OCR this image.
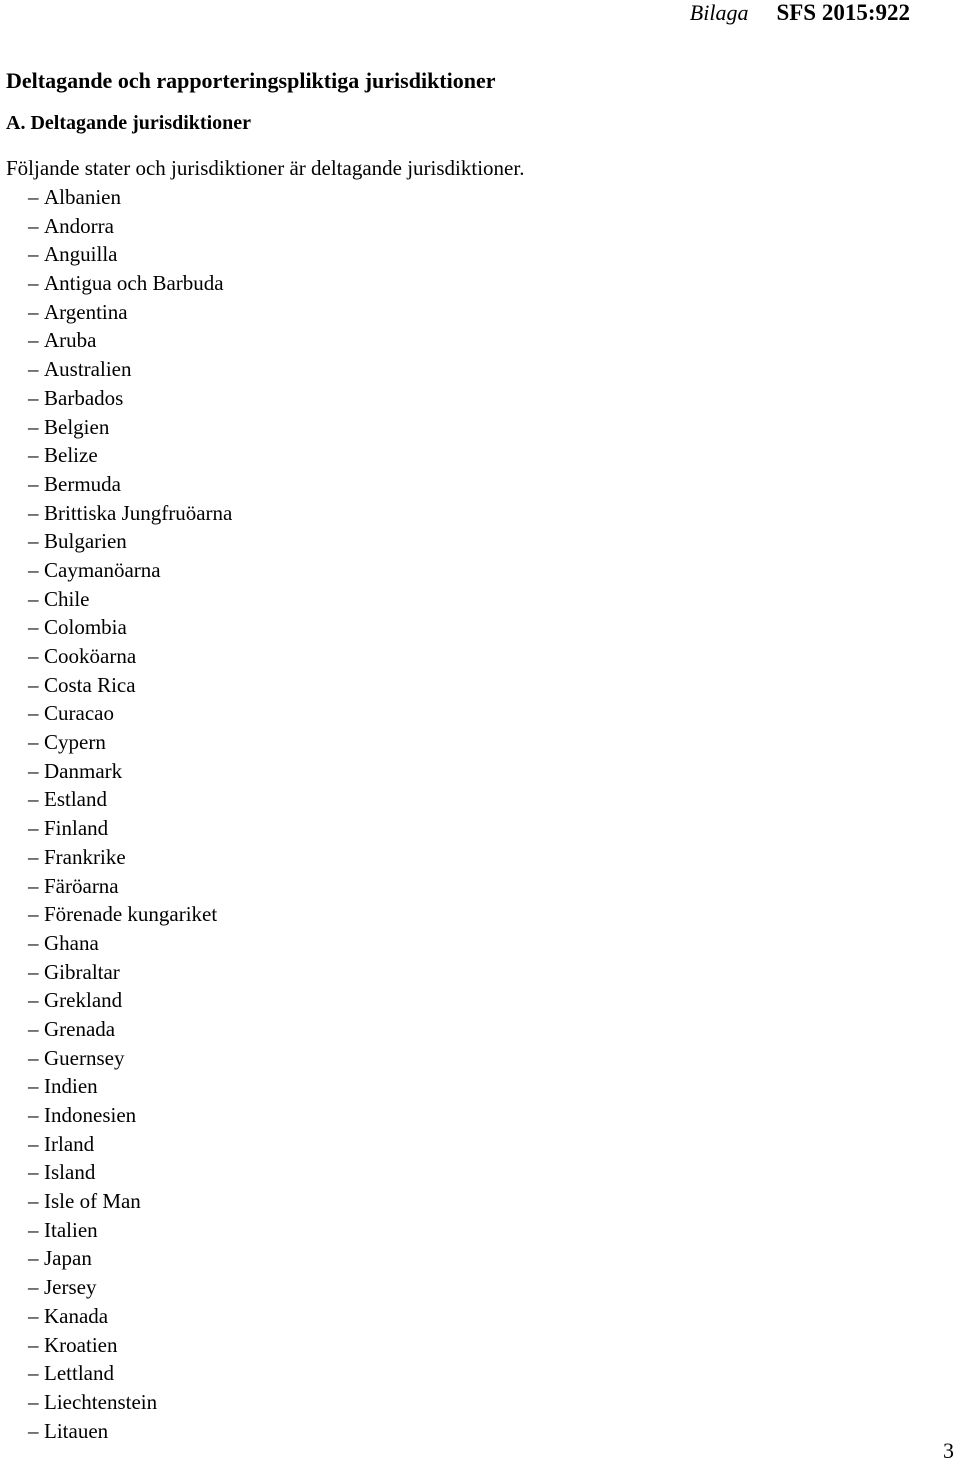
Bilaga SFS 2015:922
Deltagande och rapporteringspliktiga jurisdiktioner
A. Deltagande jurisdiktioner

Följande stater och jurisdiktioner är deltagande jurisdiktioner.

– Albanien
– Andorra
– Anguilla
– Antigua och Barbuda
– Argentina
– Aruba
– Australien
– Barbados
– Belgien
– Belize
– Bermuda
– Brittiska Jungfruöarna
– Bulgarien
– Caymanöarna
– Chile
– Colombia
– Cooköarna
– Costa Rica
– Curacao
– Cypern
– Danmark
– Estland
– Finland
– Frankrike
– Färöarna
– Förenade kungariket
– Ghana
– Gibraltar
– Grekland
– Grenada
– Guernsey
– Indien
– Indonesien
– Irland
– Island
– Isle of Man
– Italien
– Japan
– Jersey
– Kanada
– Kroatien
– Lettland
– Liechtenstein
– Litauen
3
